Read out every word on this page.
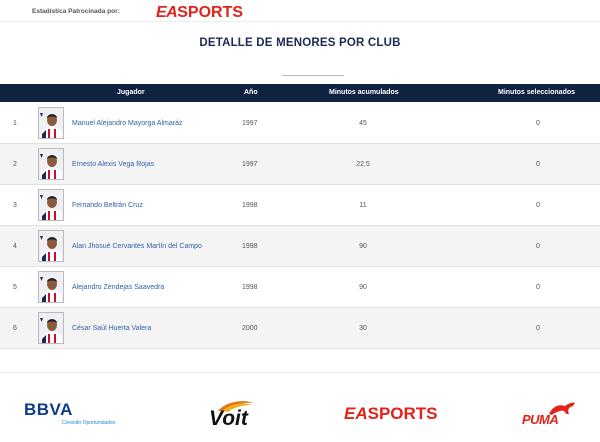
Estadística Patrocinada por: EASPORTS
DETALLE DE MENORES POR CLUB
Jugador	Año	Minutos acumulados	Minutos seleccionados
1	Manuel Alejandro Mayorga Almaráz	1997	45	0
2	Ernesto Alexis Vega Rojas	1997	22.5	0
3	Fernando Beltrán Cruz	1998	11	0
4	Alan Jhosué Cervantes Martín del Campo	1998	90	0
5	Alejandro Zendejas Saavedra	1998	90	0
6	César Saúl Huerta Valera	2000	30	0
BBVA
Creando Oportunidades	Voit	EASPORTS	PUMA
